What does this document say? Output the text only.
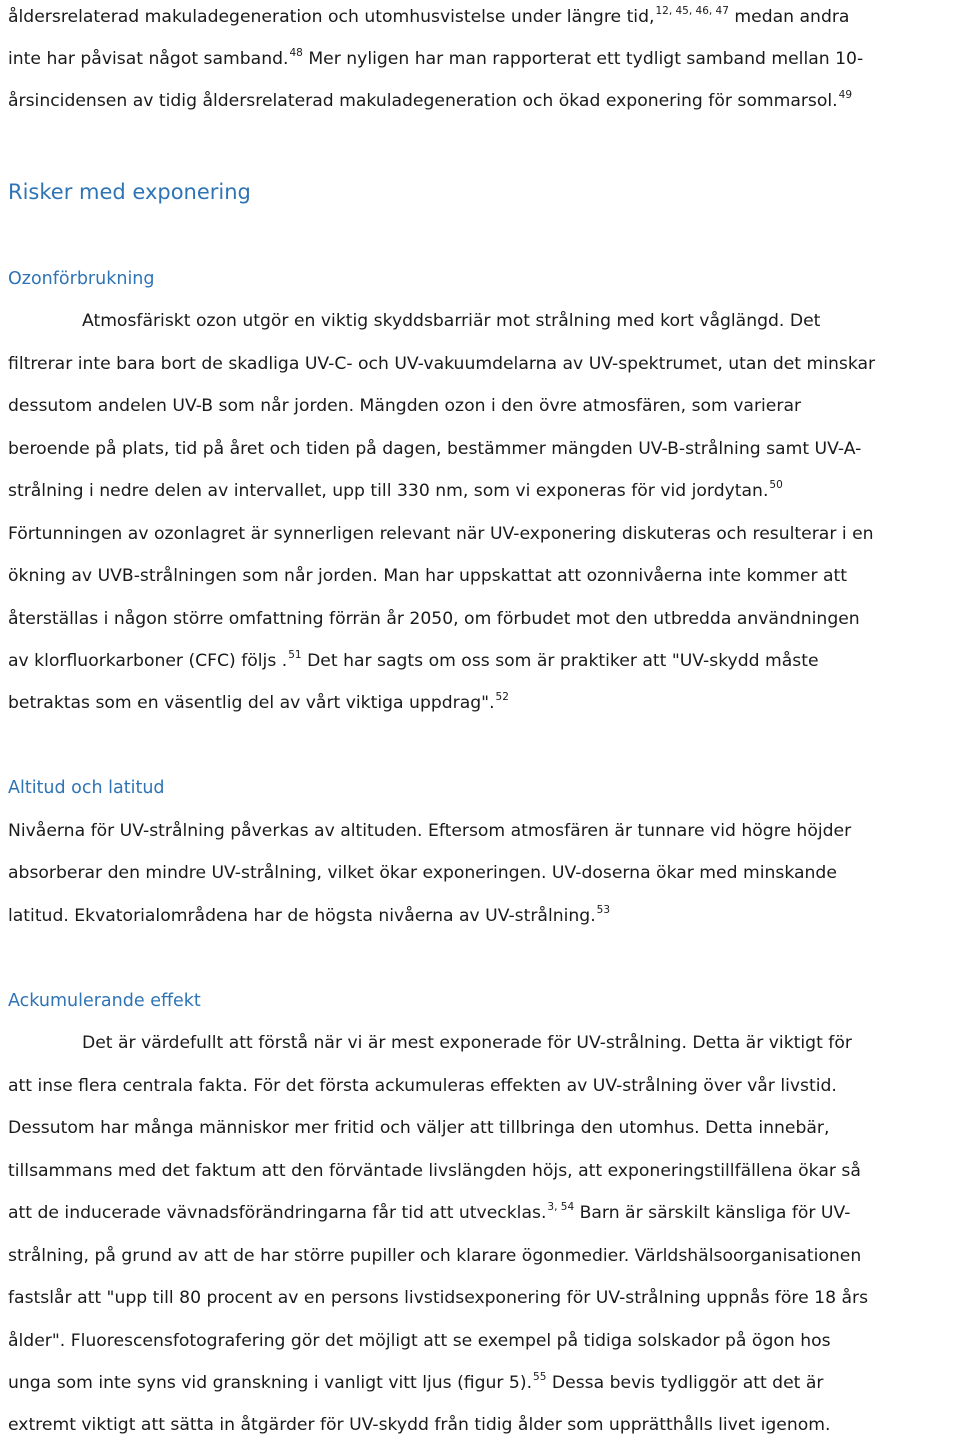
åldersrelaterad makuladegeneration och utomhusvistelse under längre tid,$^{12, 45, 46, 47}$ medan andra
inte har påvisat något samband.$^{48}$ Mer nyligen har man rapporterat ett tydligt samband mellan 10-
årsincidensen av tidig åldersrelaterad makuladegeneration och ökad exponering för sommarsol.$^{49}$
Risker med exponering
Ozonförbrukning
Atmosfäriskt ozon utgör en viktig skyddsbarriär mot strålning med kort våglängd. Det
filtrerar inte bara bort de skadliga UV-C- och UV-vakuumdelarna av UV-spektrumet, utan det minskar
dessutom andelen UV-B som når jorden. Mängden ozon i den övre atmosfären, som varierar
beroende på plats, tid på året och tiden på dagen, bestämmer mängden UV-B-strålning samt UV-A-
strålning i nedre delen av intervallet, upp till 330 nm, som vi exponeras för vid jordytan.$^{50}$
Förtunningen av ozonlagret är synnerligen relevant när UV-exponering diskuteras och resulterar i en
ökning av UVB-strålningen som når jorden. Man har uppskattat att ozonnivåerna inte kommer att
återställas i någon större omfattning förrän år 2050, om förbudet mot den utbredda användningen
av klorfluorkarboner (CFC) följs .$^{51}$ Det har sagts om oss som är praktiker att "UV-skydd måste
betraktas som en väsentlig del av vårt viktiga uppdrag".$^{52}$
Altitud och latitud
Nivåerna för UV-strålning påverkas av altituden. Eftersom atmosfären är tunnare vid högre höjder
absorberar den mindre UV-strålning, vilket ökar exponeringen. UV-doserna ökar med minskande
latitud. Ekvatorialområdena har de högsta nivåerna av UV-strålning.$^{53}$
Ackumulerande effekt
Det är värdefullt att förstå när vi är mest exponerade för UV-strålning. Detta är viktigt för
att inse flera centrala fakta. För det första ackumuleras effekten av UV-strålning över vår livstid.
Dessutom har många människor mer fritid och väljer att tillbringa den utomhus. Detta innebär,
tillsammans med det faktum att den förväntade livslängden höjs, att exponeringstillfällena ökar så
att de inducerade vävnadsförändringarna får tid att utvecklas.$^{3, 54}$ Barn är särskilt känsliga för UV-
strålning, på grund av att de har större pupiller och klarare ögonmedier. Världshälsoorganisationen
fastslår att "upp till 80 procent av en persons livstidsexponering för UV-strålning uppnås före 18 års
ålder". Fluorescensfotografering gör det möjligt att se exempel på tidiga solskador på ögon hos
unga som inte syns vid granskning i vanligt vitt ljus (figur 5).$^{55}$ Dessa bevis tydliggör att det är
extremt viktigt att sätta in åtgärder för UV-skydd från tidig ålder som upprätthålls livet igenom.
